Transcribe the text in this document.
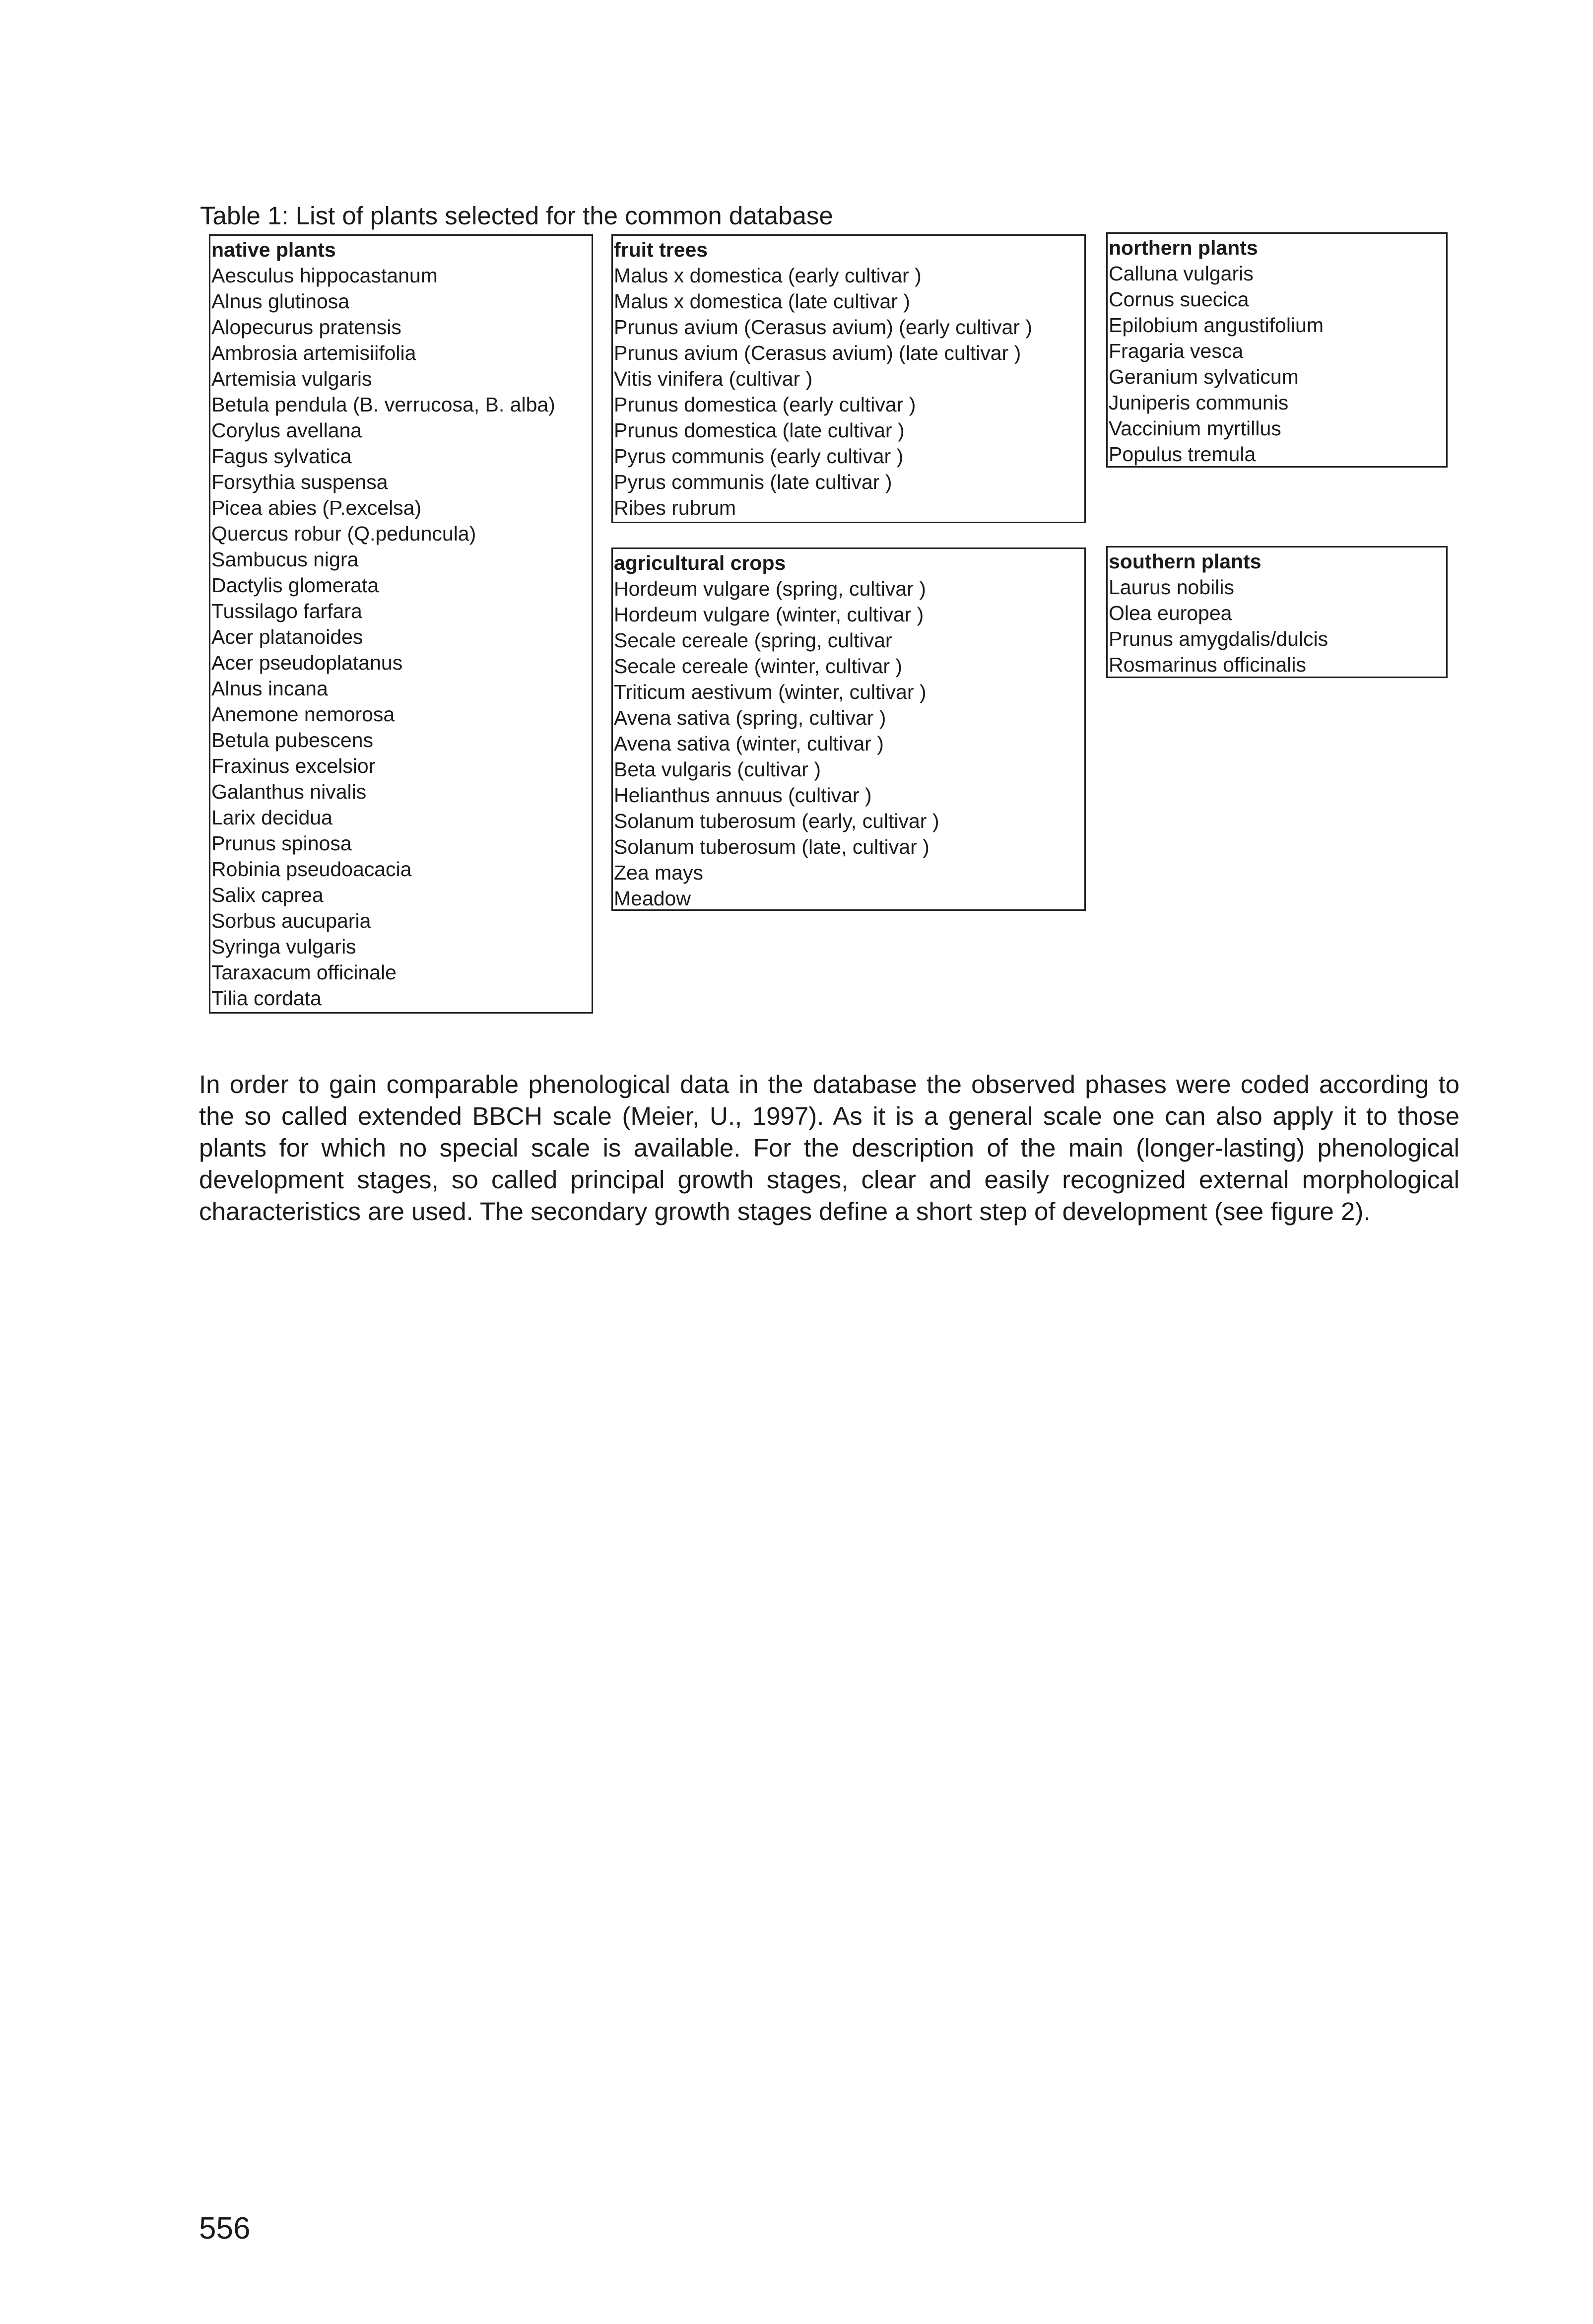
Table 1: List of plants selected for the common database
native plants
Aesculus hippocastanum
Alnus glutinosa
Alopecurus pratensis
Ambrosia artemisiifolia
Artemisia vulgaris
Betula pendula (B. verrucosa, B. alba)
Corylus avellana
Fagus sylvatica
Forsythia suspensa
Picea abies (P.excelsa)
Quercus robur (Q.peduncula)
Sambucus nigra
Dactylis glomerata
Tussilago farfara
Acer platanoides
Acer pseudoplatanus
Alnus incana
Anemone nemorosa
Betula pubescens
Fraxinus excelsior
Galanthus nivalis
Larix decidua
Prunus spinosa
Robinia pseudoacacia
Salix caprea
Sorbus aucuparia
Syringa vulgaris
Taraxacum officinale
Tilia cordata
fruit trees
Malus x domestica (early cultivar )
Malus x domestica (late cultivar )
Prunus avium (Cerasus avium) (early cultivar )
Prunus avium (Cerasus avium) (late cultivar )
Vitis vinifera (cultivar )
Prunus domestica (early cultivar )
Prunus domestica (late cultivar )
Pyrus communis (early cultivar )
Pyrus communis (late cultivar )
Ribes rubrum
agricultural crops
Hordeum vulgare (spring, cultivar )
Hordeum vulgare (winter, cultivar )
Secale cereale (spring, cultivar
Secale cereale (winter, cultivar )
Triticum aestivum (winter, cultivar )
Avena sativa (spring, cultivar )
Avena sativa (winter, cultivar )
Beta vulgaris (cultivar )
Helianthus annuus (cultivar )
Solanum tuberosum (early, cultivar )
Solanum tuberosum (late, cultivar )
Zea mays
Meadow
northern plants
Calluna vulgaris
Cornus suecica
Epilobium angustifolium
Fragaria vesca
Geranium sylvaticum
Juniperis communis
Vaccinium myrtillus
Populus tremula
southern plants
Laurus nobilis
Olea europea
Prunus amygdalis/dulcis
Rosmarinus officinalis

In order to gain comparable phenological data in the database the observed phases were coded according to the so called extended BBCH scale (Meier, U., 1997). As it is a general scale one can also apply it to those plants for which no special scale is available. For the description of the main (longer-lasting) phenological development stages, so called principal growth stages, clear and easily recognized external morphological characteristics are used. The secondary growth stages define a short step of development (see figure 2).

556
